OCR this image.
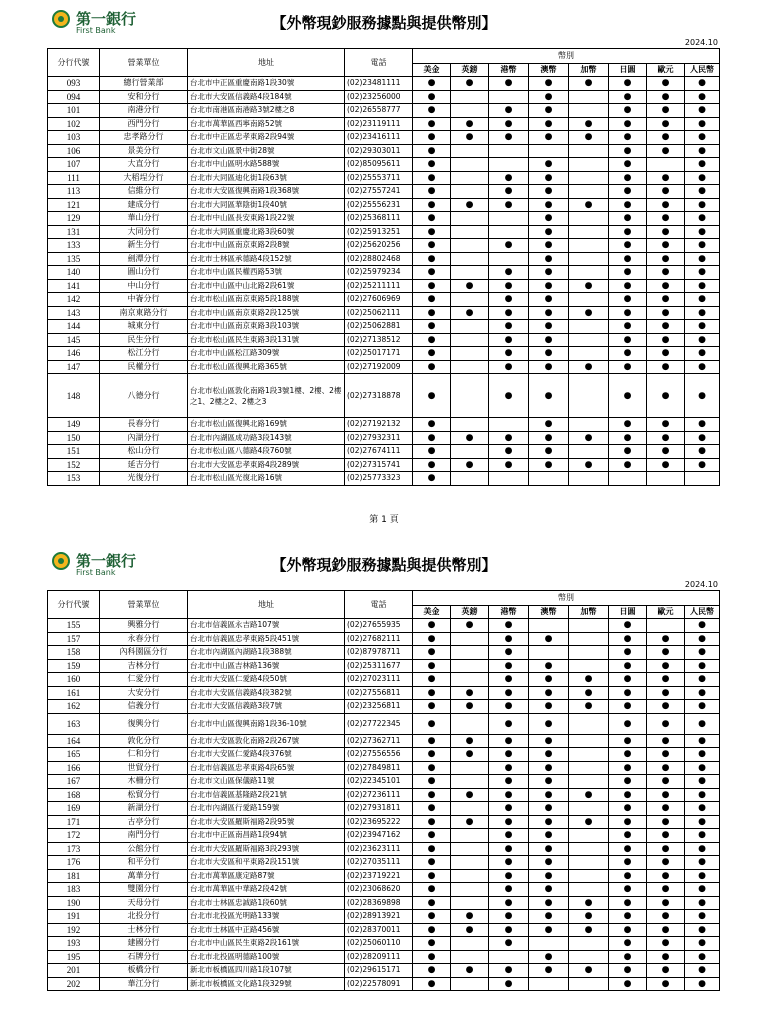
第一銀行
First Bank	【外幣現鈔服務據點與提供幣別】
2024.10
分行代號	營業單位	地址	電話	幣別							
				美金	英鎊	港幣	澳幣	加幣	日圓	歐元	人民幣
093	總行營業部	台北市中正區重慶南路1段30號	(02)23481111	●	●	●	●	●	●	●	●
094	安和分行	台北市大安區信義路4段184號	(02)23256000	●			●		●	●	●
101	南港分行	台北市南港區南港路3號2樓之8	(02)26558777	●		●	●		●	●	●
102	西門分行	台北市萬華區西寧南路52號	(02)23119111	●	●	●	●	●	●	●	●
103	忠孝路分行	台北市中正區忠孝東路2段94號	(02)23416111	●	●	●	●	●	●	●	●
106	景美分行	台北市文山區景中街28號	(02)29303011	●					●	●	●
107	大直分行	台北市中山區明水路588號	(02)85095611	●			●		●		●
111	大稻埕分行	台北市大同區迪化街1段63號	(02)25553711	●		●	●		●	●	●
113	信維分行	台北市大安區復興南路1段368號	(02)27557241	●		●	●		●	●	●
121	建成分行	台北市大同區華陰街1段40號	(02)25556231	●	●	●	●	●	●	●	●
129	華山分行	台北市中山區長安東路1段22號	(02)25368111	●			●		●	●	●
131	大同分行	台北市大同區重慶北路3段60號	(02)25913251	●			●		●	●	●
133	新生分行	台北市中山區南京東路2段8號	(02)25620256	●		●	●		●	●	●
135	劍潭分行	台北市士林區承德路4段152號	(02)28802468	●			●		●	●	●
140	圓山分行	台北市中山區民權西路53號	(02)25979234	●		●	●		●	●	●
141	中山分行	台北市中山區中山北路2段61號	(02)25211111	●	●	●	●	●	●	●	●
142	中崙分行	台北市松山區南京東路5段188號	(02)27606969	●		●	●		●	●	●
143	南京東路分行	台北市中山區南京東路2段125號	(02)25062111	●	●	●	●	●	●	●	●
144	城東分行	台北市中山區南京東路3段103號	(02)25062881	●		●	●		●	●	●
145	民生分行	台北市松山區民生東路3段131號	(02)27138512	●		●	●		●	●	●
146	松江分行	台北市中山區松江路309號	(02)25017171	●		●	●		●	●	●
147	民權分行	台北市松山區復興北路365號	(02)27192009	●		●	●	●	●	●	●
148	八德分行	台北市松山區敦化南路1段3號1樓、2樓、2樓之1、2樓之2、2樓之3	(02)27318878	●		●	●		●	●	●
149	長春分行	台北市松山區復興北路169號	(02)27192132	●			●		●	●	●
150	內湖分行	台北市內湖區成功路3段143號	(02)27932311	●	●	●	●	●	●	●	●
151	松山分行	台北市松山區八德路4段760號	(02)27674111	●		●	●		●	●	●
152	延吉分行	台北市大安區忠孝東路4段289號	(02)27315741	●	●	●	●	●	●	●	●
153	光復分行	台北市松山區光復北路16號	(02)25773323	●							
第 1 頁
第一銀行
First Bank	【外幣現鈔服務據點與提供幣別】
2024.10
分行代號	營業單位	地址	電話	幣別							
				美金	英鎊	港幣	澳幣	加幣	日圓	歐元	人民幣
155	興雅分行	台北市信義區永吉路107號	(02)27655935	●	●	●			●		●
157	永春分行	台北市信義區忠孝東路5段451號	(02)27682111	●		●	●		●	●	●
158	內科園區分行	台北市內湖區內湖路1段388號	(02)87978711	●		●			●	●	●
159	吉林分行	台北市中山區吉林路136號	(02)25311677	●		●	●		●	●	●
160	仁愛分行	台北市大安區仁愛路4段50號	(02)27023111	●		●	●	●	●	●	●
161	大安分行	台北市大安區信義路4段382號	(02)27556811	●	●	●	●	●	●	●	●
162	信義分行	台北市大安區信義路3段7號	(02)23256811	●	●	●	●	●	●	●	●
163	復興分行	台北市中山區復興南路1段36-10號	(02)27722345	●		●	●		●	●	●
164	敦化分行	台北市大安區敦化南路2段267號	(02)27362711	●	●	●	●		●	●	●
165	仁和分行	台北市大安區仁愛路4段376號	(02)27556556	●	●	●	●		●	●	●
166	世貿分行	台北市信義區忠孝東路4段65號	(02)27849811	●		●	●		●	●	●
167	木柵分行	台北市文山區保儀路11號	(02)22345101	●		●	●		●	●	●
168	松貿分行	台北市信義區基隆路2段21號	(02)27236111	●	●	●	●	●	●	●	●
169	新湖分行	台北市內湖區行愛路159號	(02)27931811	●		●	●		●	●	●
171	古亭分行	台北市大安區羅斯福路2段95號	(02)23695222	●	●	●	●	●	●	●	●
172	南門分行	台北市中正區南昌路1段94號	(02)23947162	●		●	●		●	●	●
173	公館分行	台北市大安區羅斯福路3段293號	(02)23623111	●		●	●		●	●	●
176	和平分行	台北市大安區和平東路2段151號	(02)27035111	●		●	●		●	●	●
181	萬華分行	台北市萬華區康定路87號	(02)23719221	●		●	●		●	●	●
183	雙園分行	台北市萬華區中華路2段42號	(02)23068620	●		●	●		●	●	●
190	天母分行	台北市士林區忠誠路1段60號	(02)28369898	●		●	●	●	●	●	●
191	北投分行	台北市北投區光明路133號	(02)28913921	●	●	●	●	●	●	●	●
192	士林分行	台北市士林區中正路456號	(02)28370011	●	●	●	●	●	●	●	●
193	建國分行	台北市中山區民生東路2段161號	(02)25060110	●		●			●	●	●
195	石牌分行	台北市北投區明德路100號	(02)28209111	●			●		●	●	●
201	板橋分行	新北市板橋區四川路1段107號	(02)29615171	●	●	●	●	●	●	●	●
202	華江分行	新北市板橋區文化路1段329號	(02)22578091	●		●			●	●	●
